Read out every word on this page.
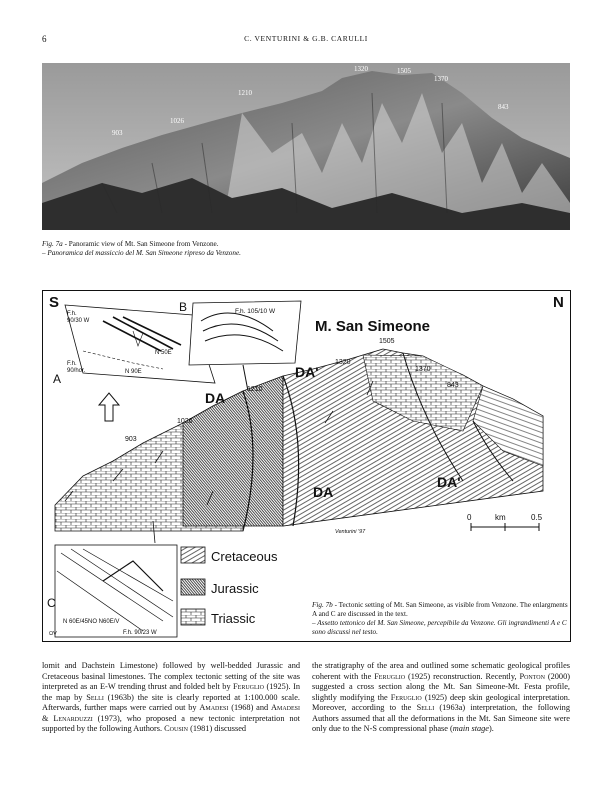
6	C. VENTURINI & G.B. CARULLI
903
1026
1210
1320	1505
1370
843
Fig. 7a - Panoramic view of Mt. San Simeone from Venzone.
– Panoramica del massiccio del M. San Simeone ripreso da Venzone.
S	N
M. San Simeone
F.h.
90/30 W
F.h.
90/hor.
N 50E
N 90E
A
F.h. 105/10 W
B
903
1026
1210
1320
1505
1370
843
DA
DA
DA'
DA'
0	km	0.5
Venturini '97
C
N 60E/45NO N60E/V
F.h. 90/23 W
ΩV
Cretaceous
Jurassic
Triassic
Fig. 7b - Tectonic setting of Mt. San Simeone, as visible from Venzone. The enlargments A and C are discussed in the text.
– Assetto tettonico del M. San Simeone, percepibile da Venzone. Gli ingrandimenti A e C sono discussi nel testo.
lomit and Dachstein Limestone) followed by well-bedded Jurassic and Cretaceous basinal limestones. The complex tectonic setting of the site was interpreted as an E-W trending thrust and folded belt by Feruglio (1925). In the map by Selli (1963b) the site is clearly reported at 1:100.000 scale. Afterwards, further maps were carried out by Amadesi (1968) and Amadesi & Lenarduzzi (1973), who proposed a new tectonic interpretation not supported by the following Authors. Cousin (1981) discussed
the stratigraphy of the area and outlined some schematic geological profiles coherent with the Feruglio (1925) reconstruction. Recently, Ponton (2000) suggested a cross section along the Mt. San Simeone-Mt. Festa profile, slightly modifying the Feruglio (1925) deep skin geological interpretation. Moreover, according to the Selli (1963a) interpretation, the following Authors assumed that all the deformations in the Mt. San Simeone site were only due to the N-S compressional phase (main stage).
